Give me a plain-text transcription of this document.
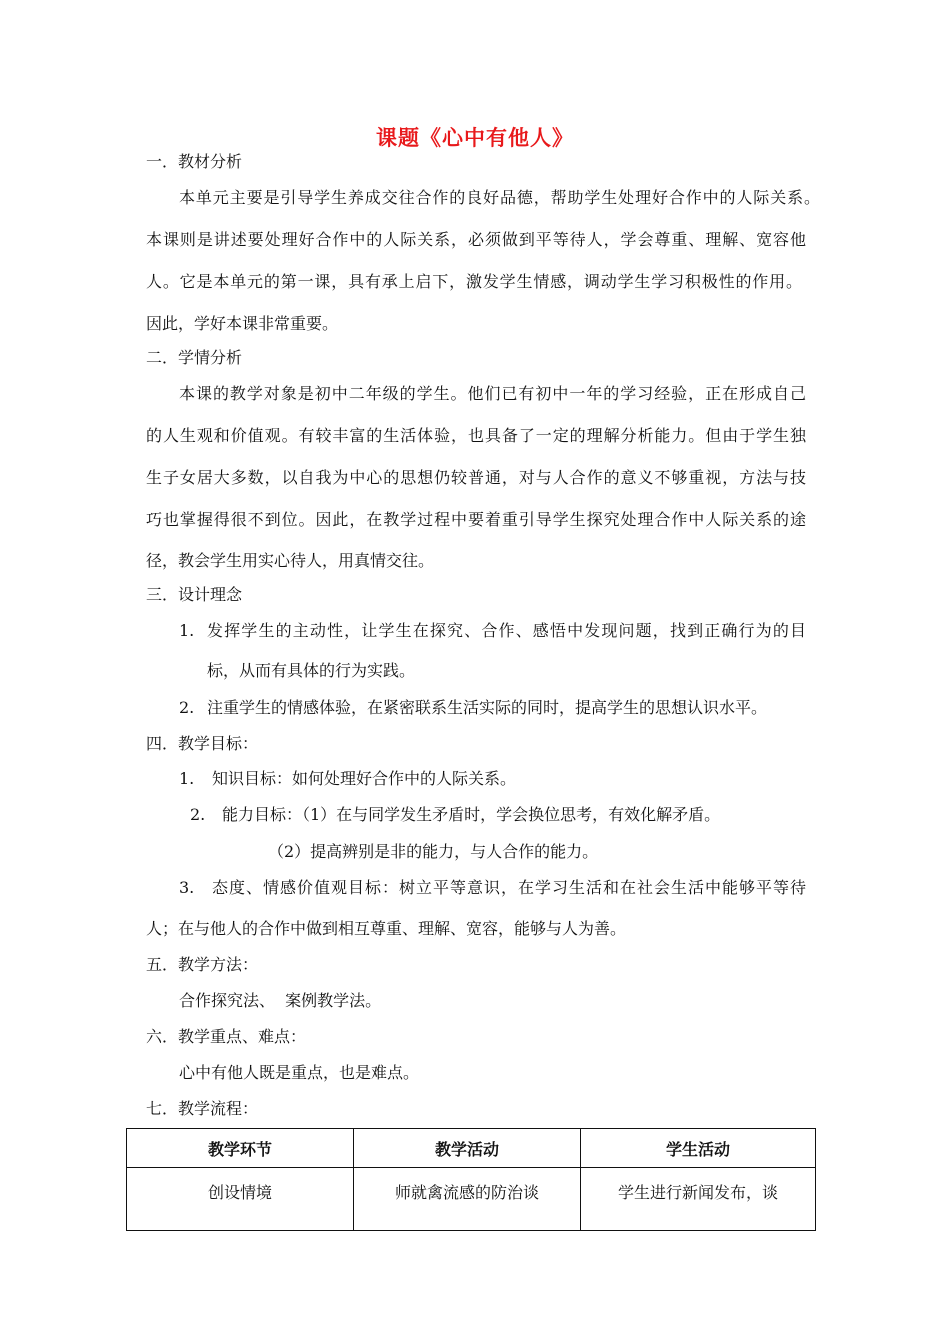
课题《心中有他人》
一．教材分析
本单元主要是引导学生养成交往合作的良好品德，帮助学生处理好合作中的人际关系。
本课则是讲述要处理好合作中的人际关系，必须做到平等待人，学会尊重、理解、宽容他
人。它是本单元的第一课，具有承上启下，激发学生情感，调动学生学习积极性的作用。
因此，学好本课非常重要。
二．学情分析
本课的教学对象是初中二年级的学生。他们已有初中一年的学习经验，正在形成自己
的人生观和价值观。有较丰富的生活体验，也具备了一定的理解分析能力。但由于学生独
生子女居大多数，以自我为中心的思想仍较普通，对与人合作的意义不够重视，方法与技
巧也掌握得很不到位。因此，在教学过程中要着重引导学生探究处理合作中人际关系的途
径，教会学生用实心待人，用真情交往。
三．设计理念
1. 发挥学生的主动性，让学生在探究、合作、感悟中发现问题，找到正确行为的目
标，从而有具体的行为实践。
2. 注重学生的情感体验，在紧密联系生活实际的同时，提高学生的思想认识水平。
四．教学目标：
1. 知识目标：如何处理好合作中的人际关系。
2. 能力目标：（1）在与同学发生矛盾时，学会换位思考，有效化解矛盾。
（2）提高辨别是非的能力，与人合作的能力。
3. 态度、情感价值观目标：树立平等意识，在学习生活和在社会生活中能够平等待
人；在与他人的合作中做到相互尊重、理解、宽容，能够与人为善。
五．教学方法：
合作探究法、  案例教学法。
六．教学重点、难点：
心中有他人既是重点，也是难点。
七．教学流程：
教学环节	教学活动	学生活动
创设情境	师就禽流感的防治谈	学生进行新闻发布，谈
